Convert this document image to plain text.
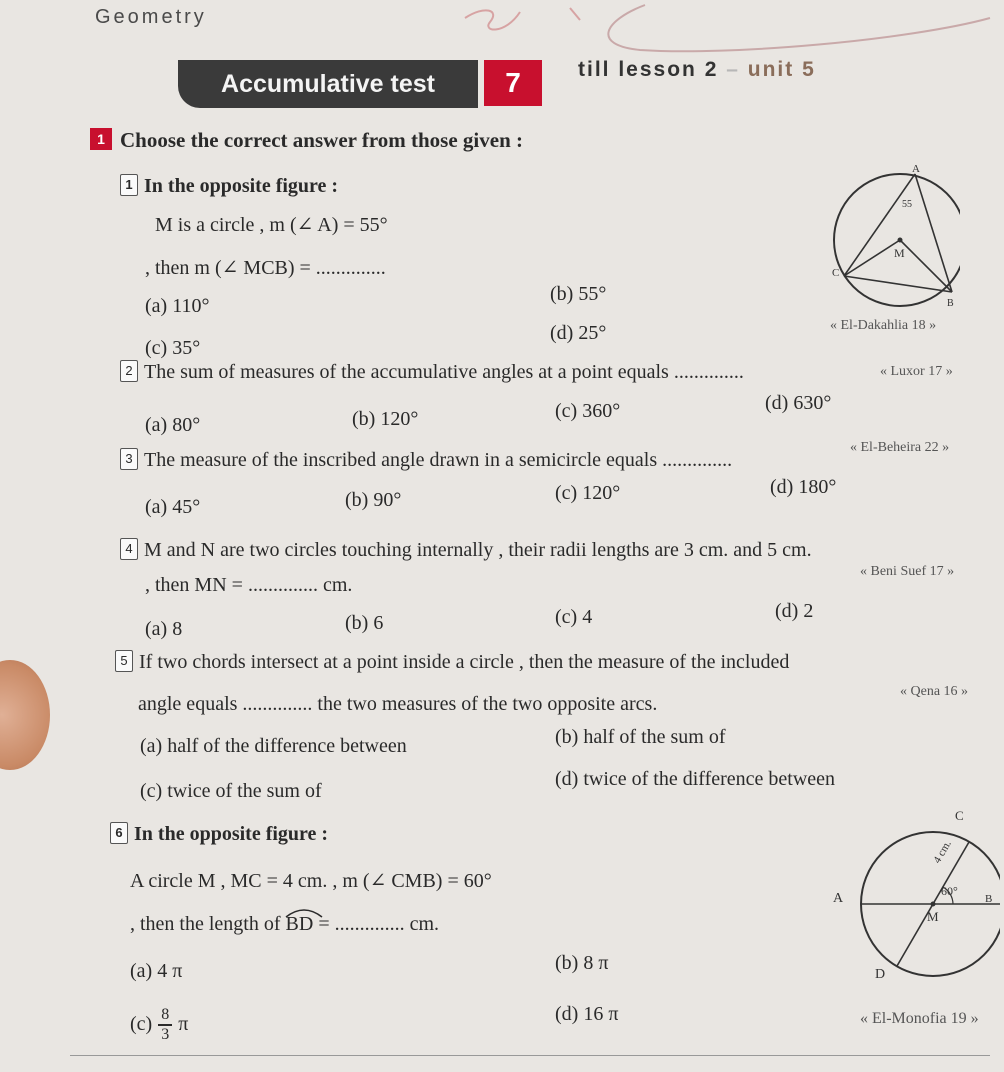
Geometry
Accumulative test	7	till lesson 2 – unit 5
1 Choose the correct answer from those given :
1 In the opposite figure :
M is a circle , m (∠ A) = 55°
, then m (∠ MCB) = ..............
(a) 110°
(b) 55°
(c) 35°
(d) 25°	« El-Dakahlia 18 »
A
55
M
C
B
2 The sum of measures of the accumulative angles at a point equals ..............	« Luxor 17 »
(a) 80°	(b) 120°	(c) 360°	(d) 630°
3 The measure of the inscribed angle drawn in a semicircle equals ..............
« El-Beheira 22 »
(a) 45°	(b) 90°	(c) 120°	(d) 180°
4 M and N are two circles touching internally , their radii lengths are 3 cm. and 5 cm.
, then MN = .............. cm.
« Beni Suef 17 »
(a) 8	(b) 6	(c) 4	(d) 2
5 If two chords intersect at a point inside a circle , then the measure of the included
angle equals .............. the two measures of the two opposite arcs.
« Qena 16 »
(a) half of the difference between	(b) half of the sum of
(c) twice of the sum of
(d) twice of the difference between
6 In the opposite figure :
A circle M , MC = 4 cm. , m (∠ CMB) = 60°
, then the length of BD = .............. cm.
(a) 4 π	(b) 8 π
(c) 8
3 π	(d) 16 π	« El-Monofia 19 »
C
4 cm.
60°
A
M
B
D
